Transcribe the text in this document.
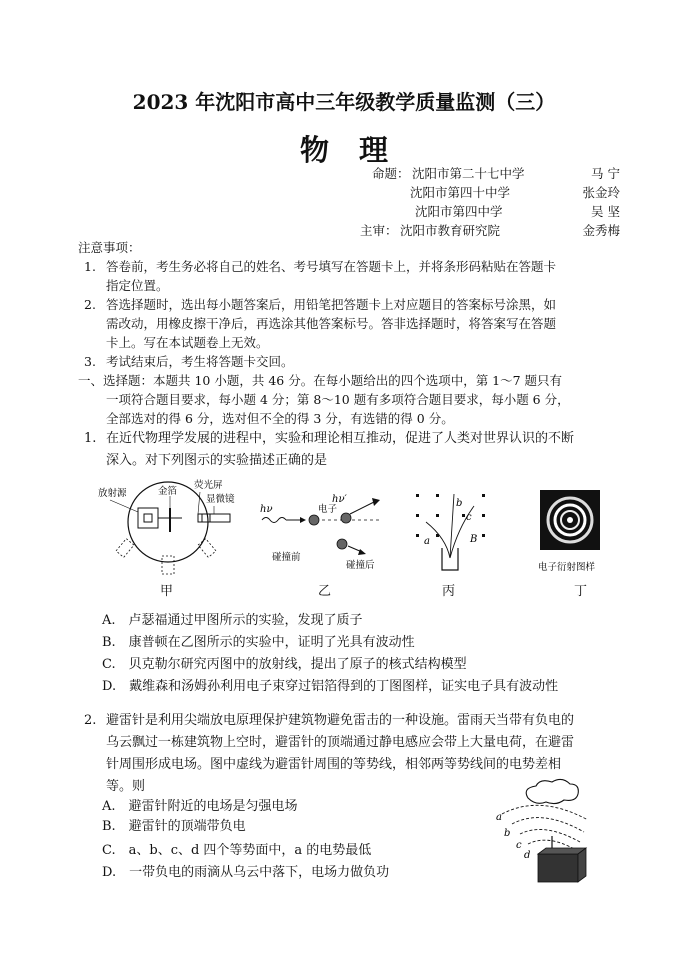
2023 年沈阳市高中三年级教学质量监测（三）
物理
命题： 沈阳市第二十七中学	马 宁
沈阳市第四十中学	张金玲
沈阳市第四中学	吴 坚
主审： 沈阳市教育研究院	金秀梅
注意事项：
1. 答卷前，考生务必将自己的姓名、考号填写在答题卡上，并将条形码粘贴在答题卡
指定位置。
2. 答选择题时，选出每小题答案后，用铅笔把答题卡上对应题目的答案标号涂黑，如
需改动，用橡皮擦干净后，再选涂其他答案标号。答非选择题时，将答案写在答题
卡上。写在本试题卷上无效。
3. 考试结束后，考生将答题卡交回。
一、选择题：本题共 10 小题，共 46 分。在每小题给出的四个选项中，第 1～7 题只有
一项符合题目要求，每小题 4 分；第 8～10 题有多项符合题目要求，每小题 6 分，
全部选对的得 6 分，选对但不全的得 3 分，有选错的得 0 分。
1. 在近代物理学发展的进程中，实验和理论相互推动，促进了人类对世界认识的不断
深入。对下列图示的实验描述正确的是
放射源	金箔
荧光屏
显微镜
hν	电子
hν′
碰撞前
碰撞后
a
b
c
B
电子衍射图样
甲	乙	丙	丁
A.　卢瑟福通过甲图所示的实验，发现了质子
B.　康普顿在乙图所示的实验中，证明了光具有波动性
C.　贝克勒尔研究丙图中的放射线，提出了原子的核式结构模型
D.　戴维森和汤姆孙利用电子束穿过铝箔得到的丁图图样，证实电子具有波动性
2. 避雷针是利用尖端放电原理保护建筑物避免雷击的一种设施。雷雨天当带有负电的
乌云飘过一栋建筑物上空时，避雷针的顶端通过静电感应会带上大量电荷，在避雷
针周围形成电场。图中虚线为避雷针周围的等势线，相邻两等势线间的电势差相
等。则
A.　避雷针附近的电场是匀强电场
B.　避雷针的顶端带负电
C.　a、b、c、d 四个等势面中，a 的电势最低
D.　一带负电的雨滴从乌云中落下，电场力做负功
a
b
c
d
